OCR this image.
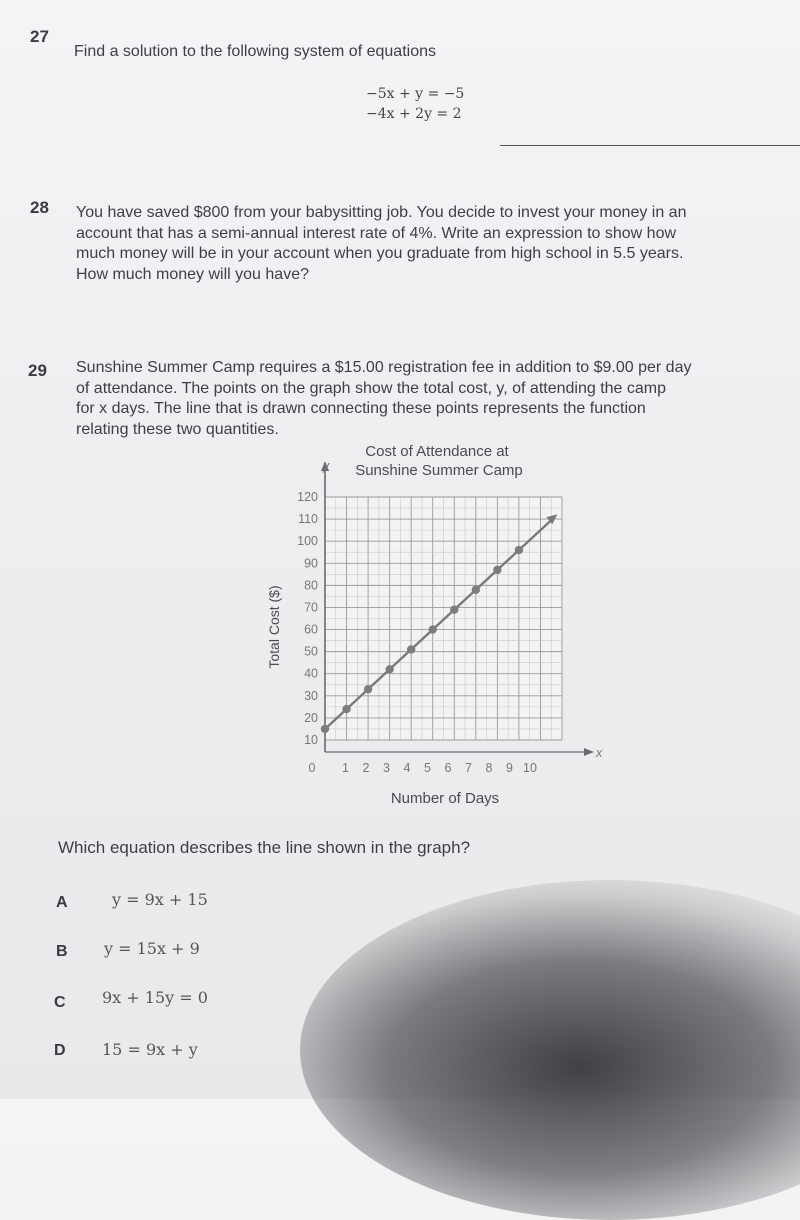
27
Find a solution to the following system of equations
−5x + y = −5
−4x + 2y = 2
28 You have saved $800 from your babysitting job. You decide to invest your money in an
account that has a semi-annual interest rate of 4%. Write an expression to show how
much money will be in your account when you graduate from high school in 5.5 years.
How much money will you have?
29 Sunshine Summer Camp requires a $15.00 registration fee in addition to $9.00 per day
of attendance. The points on the graph show the total cost, y, of attending the camp
for x days. The line that is drawn connecting these points represents the function
relating these two quantities.
Cost of Attendance at
Sunshine Summer Camp
10
20
30
40
50
60
70
80
90
100
110
120
1 2 3 4 5 6 7 8 9 10
0
y
x
Number of Days
Total Cost ($)
Which equation describes the line shown in the graph?
A	y = 9x + 15
B y = 15x + 9
C 9x + 15y = 0
D 15 = 9x + y
